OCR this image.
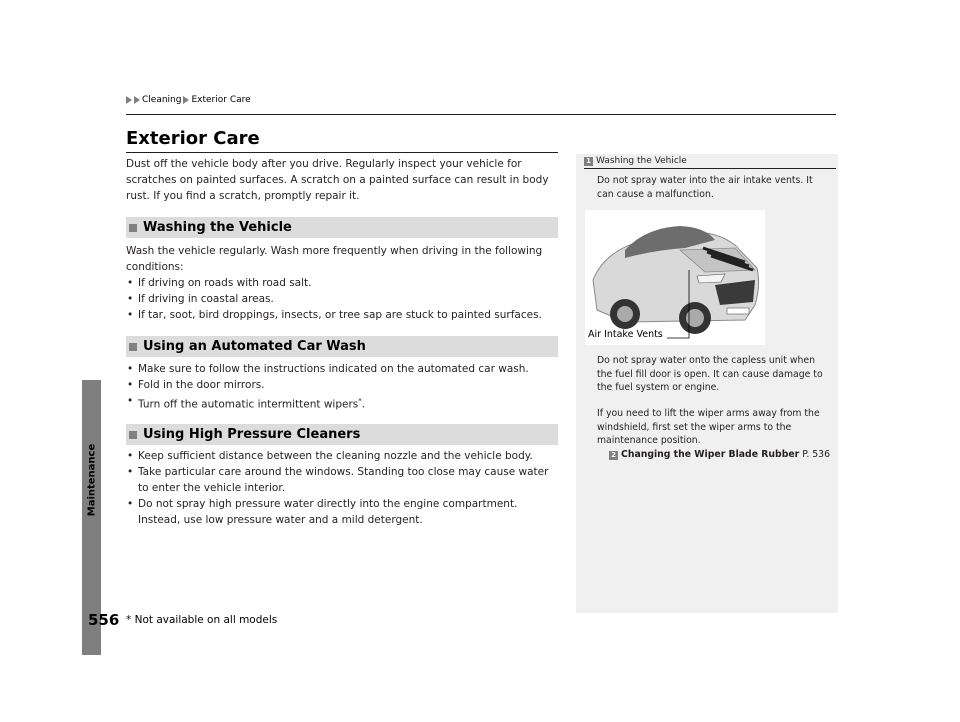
Maintenance
556
Cleaning Exterior Care
Exterior Care
Dust off the vehicle body after you drive. Regularly inspect your vehicle for scratches on painted surfaces. A scratch on a painted surface can result in body rust. If you find a scratch, promptly repair it.
Washing the Vehicle
Wash the vehicle regularly. Wash more frequently when driving in the following conditions:
• If driving on roads with road salt.
• If driving in coastal areas.
• If tar, soot, bird droppings, insects, or tree sap are stuck to painted surfaces.
Using an Automated Car Wash
• Make sure to follow the instructions indicated on the automated car wash.
• Fold in the door mirrors.
• Turn off the automatic intermittent wipers*.
Using High Pressure Cleaners
• Keep sufficient distance between the cleaning nozzle and the vehicle body.
• Take particular care around the windows. Standing too close may cause water to enter the vehicle interior.
• Do not spray high pressure water directly into the engine compartment. Instead, use low pressure water and a mild detergent.
1 Washing the Vehicle
Do not spray water into the air intake vents. It can cause a malfunction.
Air Intake Vents
Do not spray water onto the capless unit when the fuel fill door is open. It can cause damage to the fuel system or engine.
If you need to lift the wiper arms away from the windshield, first set the wiper arms to the maintenance position.
2 Changing the Wiper Blade Rubber P. 536
* Not available on all models
